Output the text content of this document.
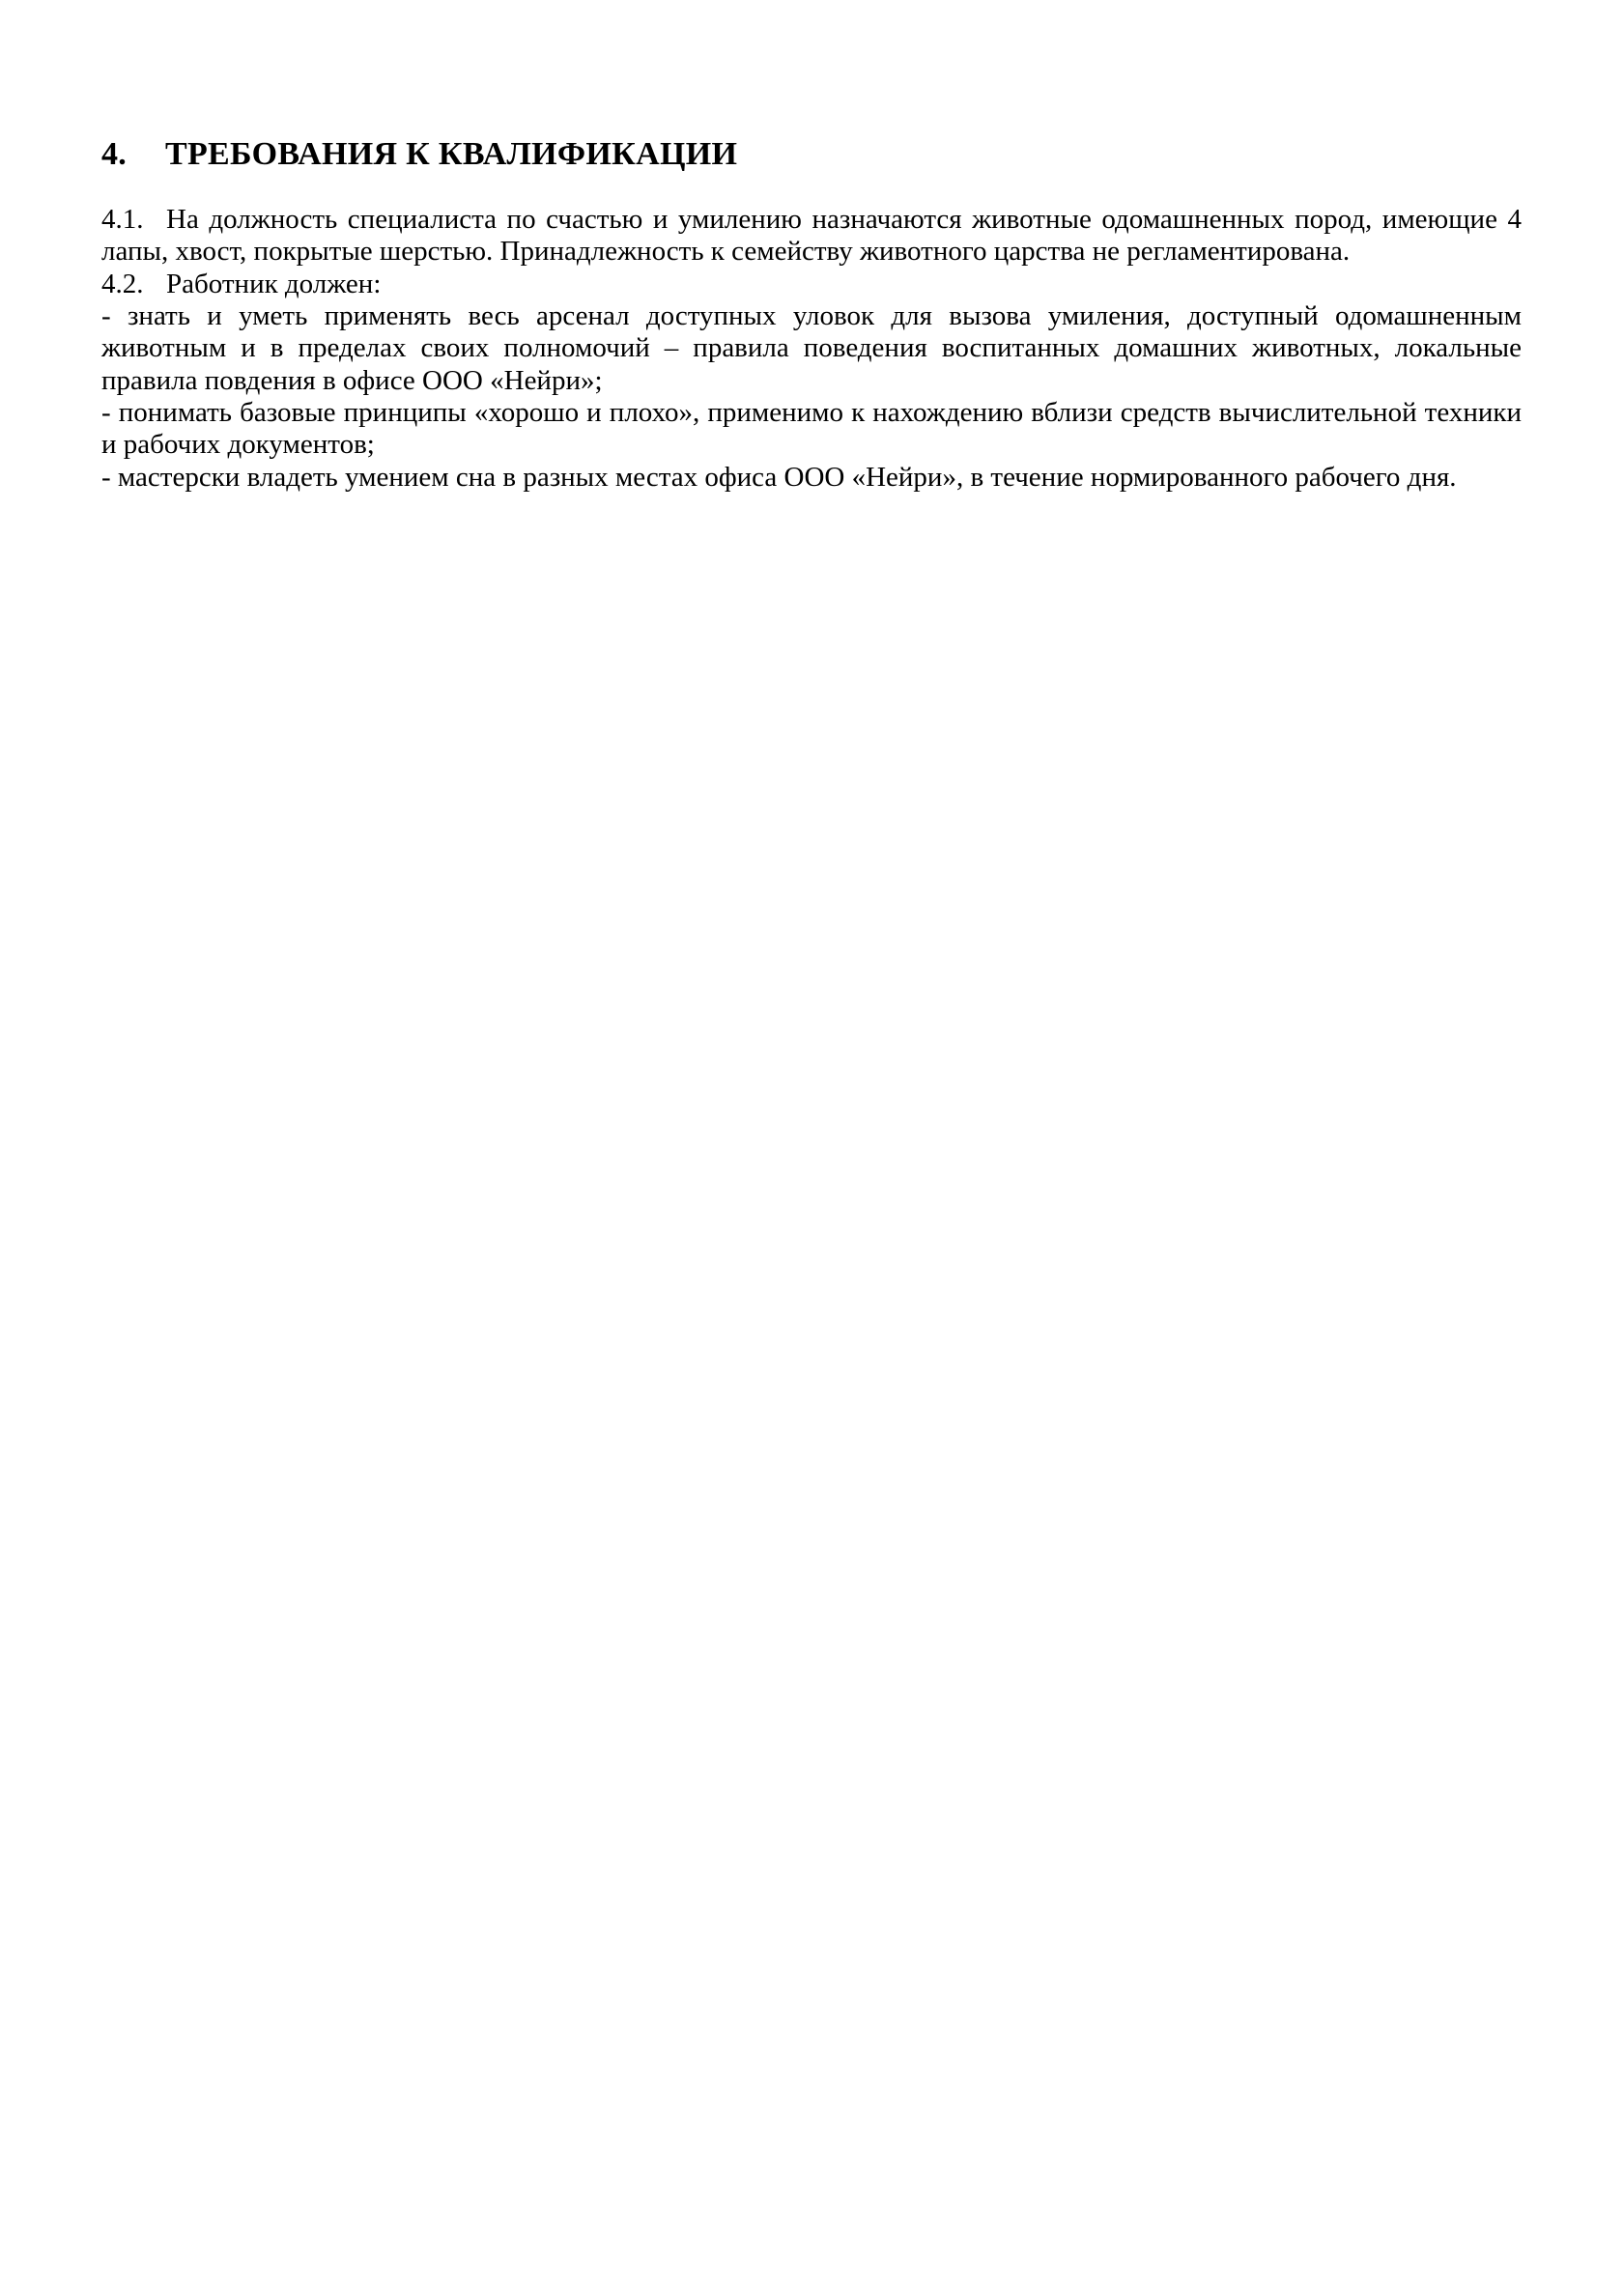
4. ТРЕБОВАНИЯ К КВАЛИФИКАЦИИ

4.1. На должность специалиста по счастью и умилению назначаются животные одомашненных пород, имеющие 4 лапы, хвост, покрытые шерстью. Принадлежность к семейству животного царства не регламентирована.

4.2. Работник должен:

- знать и уметь применять весь арсенал доступных уловок для вызова умиления, доступный одомашненным животным и в пределах своих полномочий – правила поведения воспитанных домашних животных, локальные правила повдения в офисе ООО «Нейри»;

- понимать базовые принципы «хорошо и плохо», применимо к нахождению вблизи средств вычислительной техники и рабочих документов;

- мастерски владеть умением сна в разных местах офиса ООО «Нейри», в течение нормированного рабочего дня.
